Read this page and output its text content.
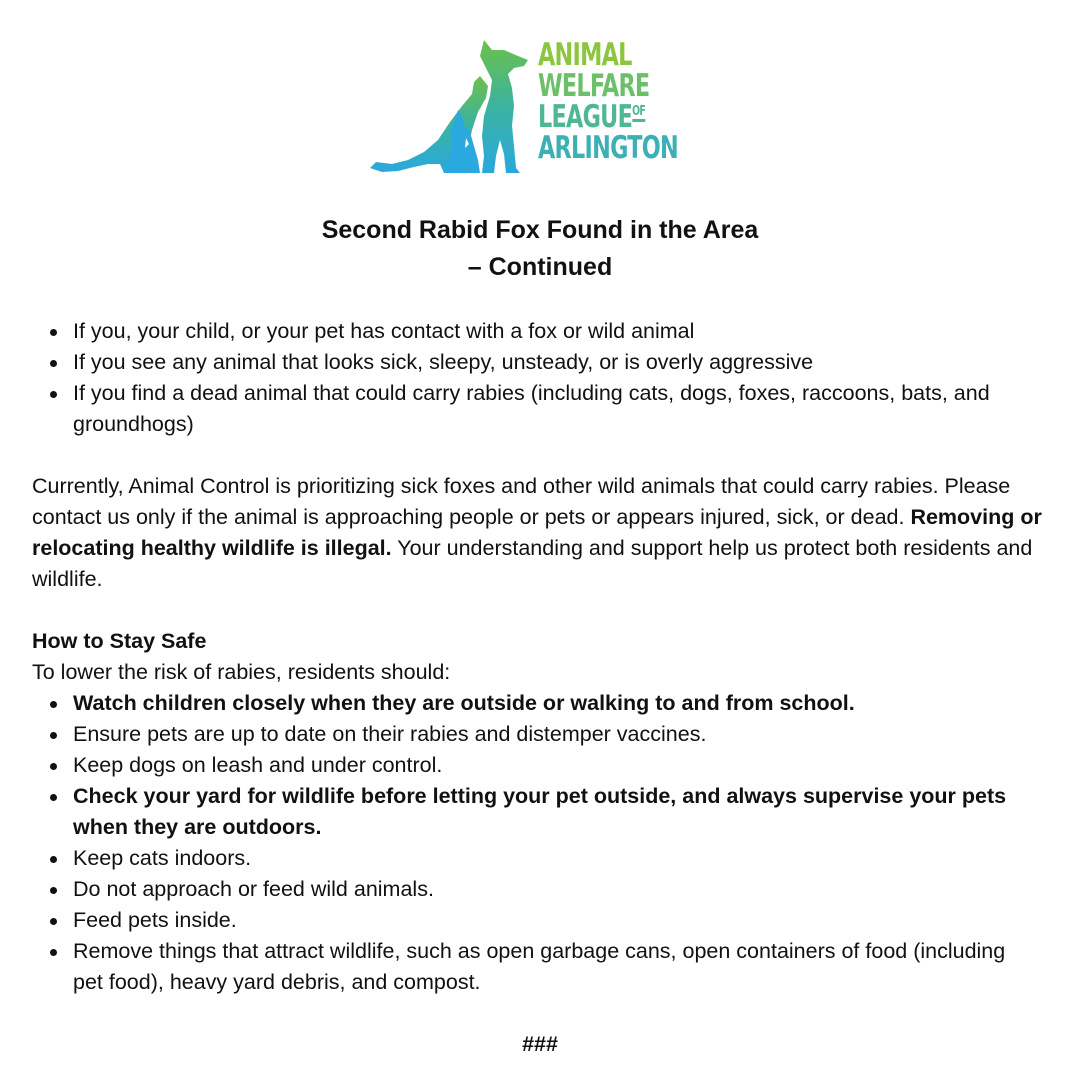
ANIMAL
WELFARE
LEAGUEOF
ARLINGTON
Second Rabid Fox Found in the Area
– Continued
If you, your child, or your pet has contact with a fox or wild animal
If you see any animal that looks sick, sleepy, unsteady, or is overly aggressive
If you find a dead animal that could carry rabies (including cats, dogs, foxes, raccoons, bats, and groundhogs)

Currently, Animal Control is prioritizing sick foxes and other wild animals that could carry rabies. Please contact us only if the animal is approaching people or pets or appears injured, sick, or dead. Removing or relocating healthy wildlife is illegal. Your understanding and support help us protect both residents and wildlife.

How to Stay Safe

To lower the risk of rabies, residents should:

Watch children closely when they are outside or walking to and from school.
Ensure pets are up to date on their rabies and distemper vaccines.
Keep dogs on leash and under control.
Check your yard for wildlife before letting your pet outside, and always supervise your pets when they are outdoors.
Keep cats indoors.
Do not approach or feed wild animals.
Feed pets inside.
Remove things that attract wildlife, such as open garbage cans, open containers of food (including pet food), heavy yard debris, and compost.

###
